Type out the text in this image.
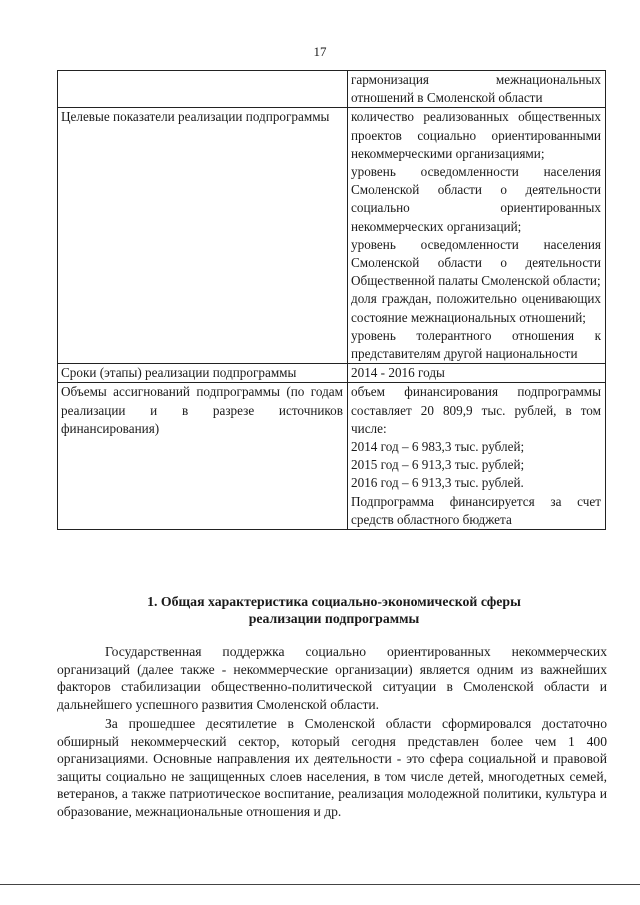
17

	гармонизация межнациональных
отношений в Смоленской области

Целевые показатели реализации подпрограммы	количество реализованных общественных проектов социально ориентированными некоммерческими организациями;
уровень осведомленности населения Смоленской области о деятельности социально ориентированных некоммерческих организаций;
уровень осведомленности населения Смоленской области о деятельности Общественной палаты Смоленской области;
доля граждан, положительно оценивающих состояние межнациональных отношений;
уровень толерантного отношения к представителям другой национальности

Сроки (этапы) реализации подпрограммы	2014 - 2016 годы
Объемы ассигнований подпрограммы (по годам реализации и в разрезе источников финансирования)	объем финансирования подпрограммы составляет 20 809,9 тыс. рублей, в том числе:
2014 год – 6 983,3 тыс. рублей;
2015 год – 6 913,3 тыс. рублей;
2016 год – 6 913,3 тыс. рублей.
Подпрограмма финансируется за счет средств областного бюджета
1. Общая характеристика социально-экономической сферы
реализации подпрограммы

Государственная поддержка социально ориентированных некоммерческих организаций (далее также - некоммерческие организации) является одним из важнейших факторов стабилизации общественно-политической ситуации в Смоленской области и дальнейшего успешного развития Смоленской области.

За прошедшее десятилетие в Смоленской области сформировался достаточно обширный некоммерческий сектор, который сегодня представлен более чем 1 400 организациями. Основные направления их деятельности - это сфера социальной и правовой защиты социально не защищенных слоев населения, в том числе детей, многодетных семей, ветеранов, а также патриотическое воспитание, реализация молодежной политики, культура и образование, межнациональные отношения и др.
